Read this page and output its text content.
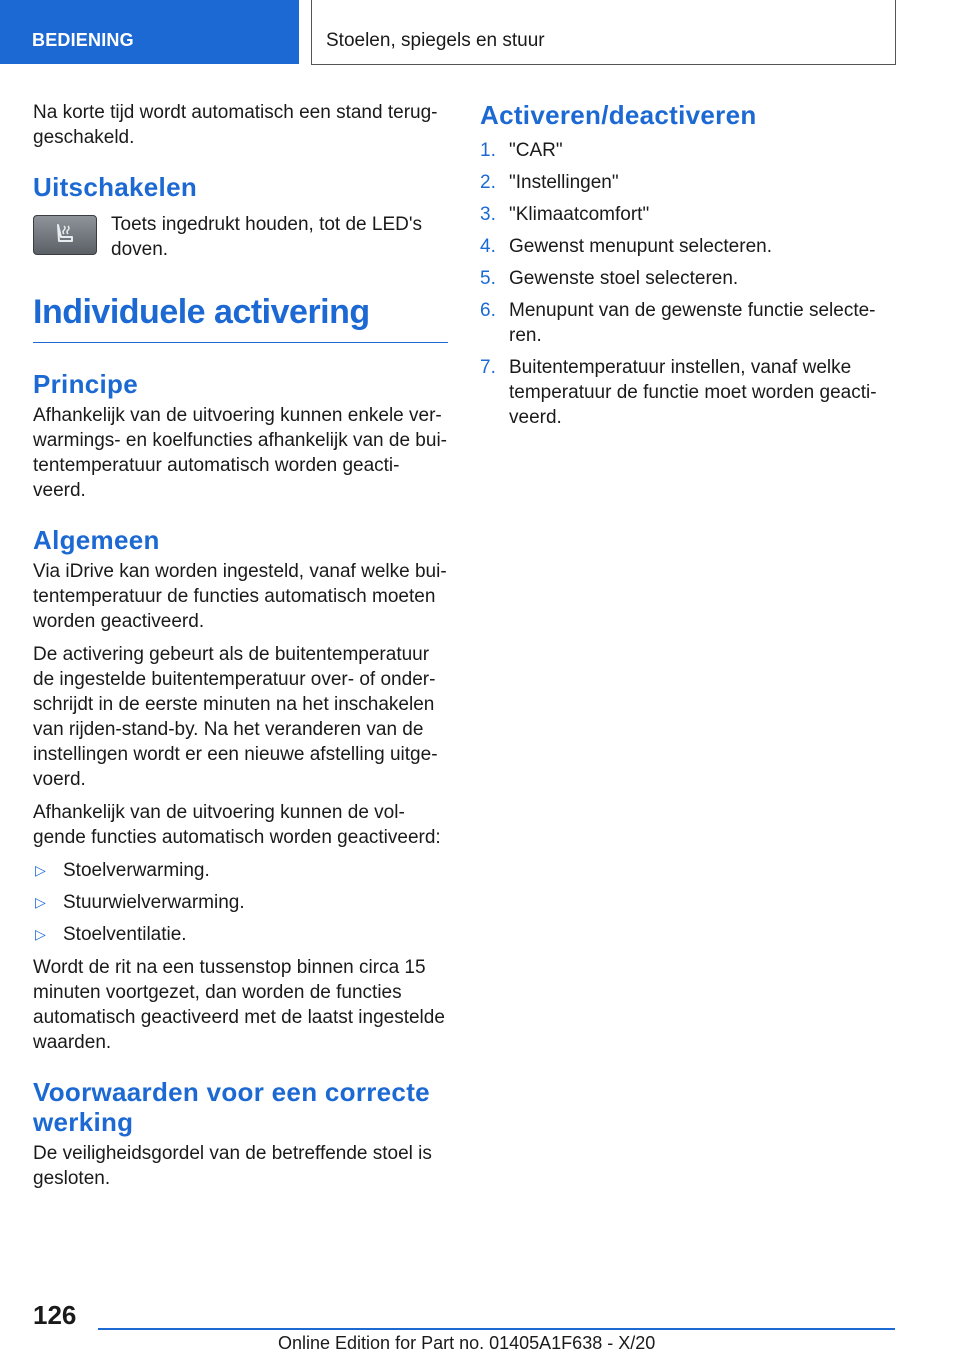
BEDIENING	Stoelen, spiegels en stuur

Na korte tijd wordt automatisch een stand terug-geschakeld.

Uitschakelen

Toets ingedrukt houden, tot de LED's doven.

Individuele activering
Principe

Afhankelijk van de uitvoering kunnen enkele ver-warmings- en koelfuncties afhankelijk van de bui-tentemperatuur automatisch worden geacti-veerd.

Algemeen

Via iDrive kan worden ingesteld, vanaf welke bui-tentemperatuur de functies automatisch moeten worden geactiveerd.

De activering gebeurt als de buitentemperatuur de ingestelde buitentemperatuur over- of onder-schrijdt in de eerste minuten na het inschakelen van rijden-stand-by. Na het veranderen van de instellingen wordt er een nieuwe afstelling uitge-voerd.

Afhankelijk van de uitvoering kunnen de vol-gende functies automatisch worden geactiveerd:

▷ Stoelverwarming.
▷ Stuurwielverwarming.
▷ Stoelventilatie.

Wordt de rit na een tussenstop binnen circa 15 minuten voortgezet, dan worden de functies automatisch geactiveerd met de laatst ingestelde waarden.

Voorwaarden voor een correcte werking

De veiligheidsgordel van de betreffende stoel is gesloten.

Activeren/deactiveren
1. "CAR"
2. "Instellingen"
3. "Klimaatcomfort"
4. Gewenst menupunt selecteren.
5. Gewenste stoel selecteren.
6. Menupunt van de gewenste functie selecte-ren.
7. Buitentemperatuur instellen, vanaf welke temperatuur de functie moet worden geacti-veerd.
126
Online Edition for Part no. 01405A1F638 - X/20
